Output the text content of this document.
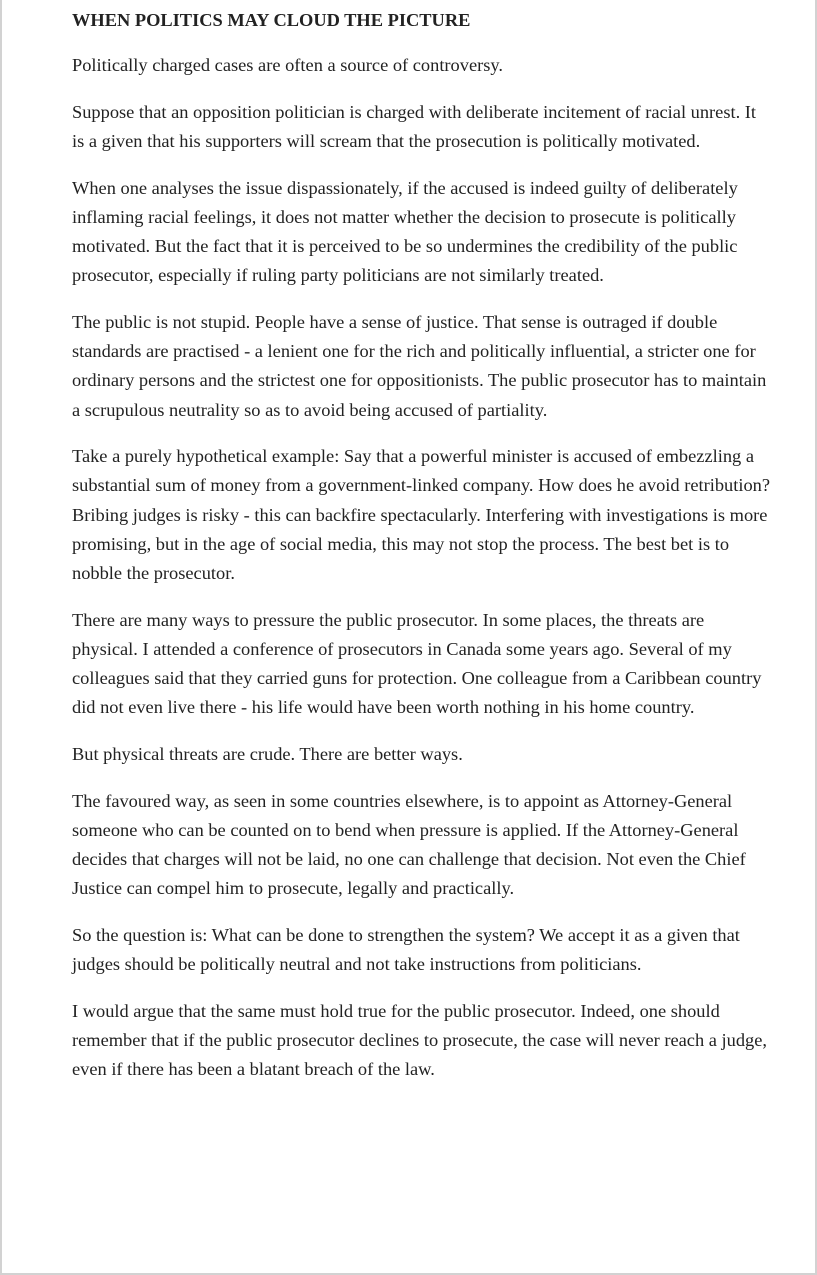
WHEN POLITICS MAY CLOUD THE PICTURE

Politically charged cases are often a source of controversy.

Suppose that an opposition politician is charged with deliberate incitement of racial unrest. It is a given that his supporters will scream that the prosecution is politically motivated.

When one analyses the issue dispassionately, if the accused is indeed guilty of deliberately inflaming racial feelings, it does not matter whether the decision to prosecute is politically motivated. But the fact that it is perceived to be so undermines the credibility of the public prosecutor, especially if ruling party politicians are not similarly treated.

The public is not stupid. People have a sense of justice. That sense is outraged if double standards are practised - a lenient one for the rich and politically influential, a stricter one for ordinary persons and the strictest one for oppositionists. The public prosecutor has to maintain a scrupulous neutrality so as to avoid being accused of partiality.

Take a purely hypothetical example: Say that a powerful minister is accused of embezzling a substantial sum of money from a government-linked company. How does he avoid retribution? Bribing judges is risky - this can backfire spectacularly. Interfering with investigations is more promising, but in the age of social media, this may not stop the process. The best bet is to nobble the prosecutor.

There are many ways to pressure the public prosecutor. In some places, the threats are physical. I attended a conference of prosecutors in Canada some years ago. Several of my colleagues said that they carried guns for protection. One colleague from a Caribbean country did not even live there - his life would have been worth nothing in his home country.

But physical threats are crude. There are better ways.

The favoured way, as seen in some countries elsewhere, is to appoint as Attorney-General someone who can be counted on to bend when pressure is applied. If the Attorney-General decides that charges will not be laid, no one can challenge that decision. Not even the Chief Justice can compel him to prosecute, legally and practically.

So the question is: What can be done to strengthen the system? We accept it as a given that judges should be politically neutral and not take instructions from politicians.

I would argue that the same must hold true for the public prosecutor. Indeed, one should remember that if the public prosecutor declines to prosecute, the case will never reach a judge, even if there has been a blatant breach of the law.
